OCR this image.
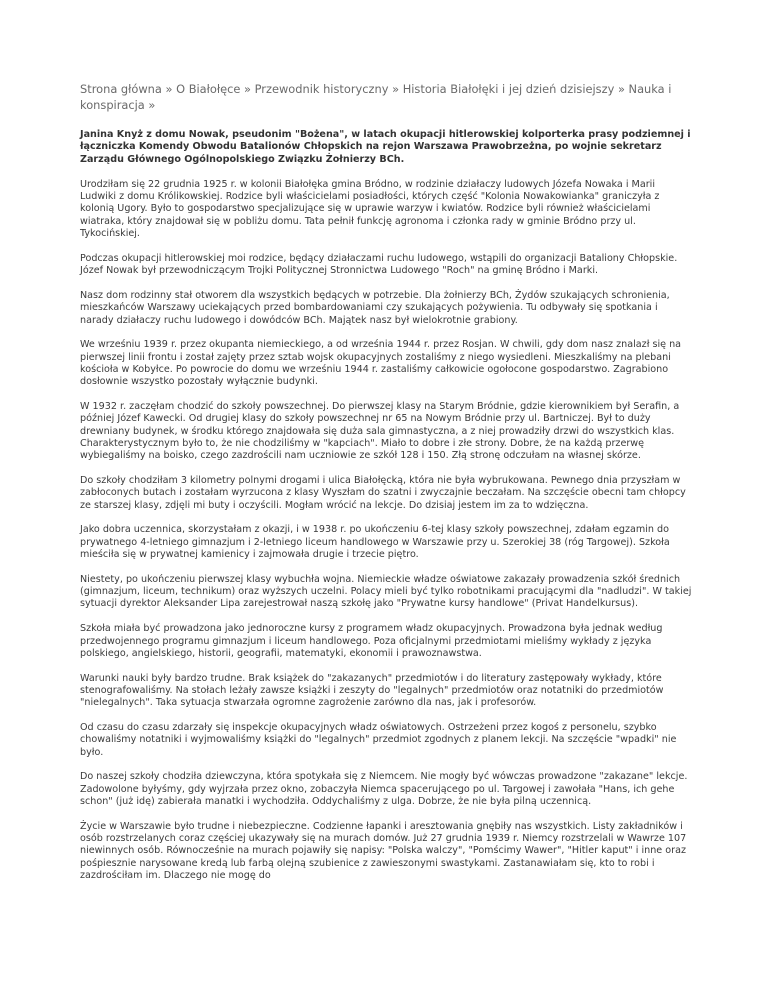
Strona główna » O Białołęce » Przewodnik historyczny » Historia Białołęki i jej dzień dzisiejszy » Nauka i konspiracja »

Janina Knyż z domu Nowak, pseudonim "Bożena", w latach okupacji hitlerowskiej kolporterka prasy podziemnej i łączniczka Komendy Obwodu Batalionów Chłopskich na rejon Warszawa Prawobrzeżna, po wojnie sekretarz Zarządu Głównego Ogólnopolskiego Związku Żołnierzy BCh.

Urodziłam się 22 grudnia 1925 r. w kolonii Białołęka gmina Bródno, w rodzinie działaczy ludowych Józefa Nowaka i Marii Ludwiki z domu Królikowskiej. Rodzice byli właścicielami posiadłości, których część "Kolonia Nowakowianka" graniczyła z kolonią Ugory. Było to gospodarstwo specjalizujące się w uprawie warzyw i kwiatów. Rodzice byli również właścicielami wiatraka, który znajdował się w pobliżu domu. Tata pełnił funkcję agronoma i członka rady w gminie Bródno przy ul. Tykocińskiej.

Podczas okupacji hitlerowskiej moi rodzice, będący działaczami ruchu ludowego, wstąpili do organizacji Bataliony Chłopskie. Józef Nowak był przewodniczącym Trojki Politycznej Stronnictwa Ludowego "Roch" na gminę Bródno i Marki.

Nasz dom rodzinny stał otworem dla wszystkich będących w potrzebie. Dla żołnierzy BCh, Żydów szukających schronienia, mieszkańców Warszawy uciekających przed bombardowaniami czy szukających pożywienia. Tu odbywały się spotkania i narady działaczy ruchu ludowego i dowódców BCh. Majątek nasz był wielokrotnie grabiony.

We wrześniu 1939 r. przez okupanta niemieckiego, a od września 1944 r. przez Rosjan. W chwili, gdy dom nasz znalazł się na pierwszej linii frontu i został zajęty przez sztab wojsk okupacyjnych zostaliśmy z niego wysiedleni. Mieszkaliśmy na plebani kościoła w Kobyłce. Po powrocie do domu we wrześniu 1944 r. zastaliśmy całkowicie ogołocone gospodarstwo. Zagrabiono dosłownie wszystko pozostały wyłącznie budynki.

W 1932 r. zaczęłam chodzić do szkoły powszechnej. Do pierwszej klasy na Starym Bródnie, gdzie kierownikiem był Serafin, a później Józef Kawecki. Od drugiej klasy do szkoły powszechnej nr 65 na Nowym Bródnie przy ul. Bartniczej. Był to duży drewniany budynek, w środku którego znajdowała się duża sala gimnastyczna, a z niej prowadziły drzwi do wszystkich klas. Charakterystycznym było to, że nie chodziliśmy w "kapciach". Miało to dobre i złe strony. Dobre, że na każdą przerwę wybiegaliśmy na boisko, czego zazdrościli nam uczniowie ze szkół 128 i 150. Złą stronę odczułam na własnej skórze.

Do szkoły chodziłam 3 kilometry polnymi drogami i ulica Białołęcką, która nie była wybrukowana. Pewnego dnia przyszłam w zabłoconych butach i zostałam wyrzucona z klasy Wyszłam do szatni i zwyczajnie beczałam. Na szczęście obecni tam chłopcy ze starszej klasy, zdjęli mi buty i oczyścili. Mogłam wrócić na lekcje. Do dzisiaj jestem im za to wdzięczna.

Jako dobra uczennica, skorzystałam z okazji, i w 1938 r. po ukończeniu 6-tej klasy szkoły powszechnej, zdałam egzamin do prywatnego 4-letniego gimnazjum i 2-letniego liceum handlowego w Warszawie przy u. Szerokiej 38 (róg Targowej). Szkoła mieściła się w prywatnej kamienicy i zajmowała drugie i trzecie piętro.

Niestety, po ukończeniu pierwszej klasy wybuchła wojna. Niemieckie władze oświatowe zakazały prowadzenia szkół średnich (gimnazjum, liceum, technikum) oraz wyższych uczelni. Polacy mieli być tylko robotnikami pracującymi dla "nadludzi". W takiej sytuacji dyrektor Aleksander Lipa zarejestrował naszą szkołę jako "Prywatne kursy handlowe" (Privat Handelkursus).

Szkoła miała być prowadzona jako jednoroczne kursy z programem władz okupacyjnych. Prowadzona była jednak według przedwojennego programu gimnazjum i liceum handlowego. Poza oficjalnymi przedmiotami mieliśmy wykłady z języka polskiego, angielskiego, historii, geografii, matematyki, ekonomii i prawoznawstwa.

Warunki nauki były bardzo trudne. Brak książek do "zakazanych" przedmiotów i do literatury zastępowały wykłady, które stenografowaliśmy. Na stołach leżały zawsze książki i zeszyty do "legalnych" przedmiotów oraz notatniki do przedmiotów "nielegalnych". Taka sytuacja stwarzała ogromne zagrożenie zarówno dla nas, jak i profesorów.

Od czasu do czasu zdarzały się inspekcje okupacyjnych władz oświatowych. Ostrzeżeni przez kogoś z personelu, szybko chowaliśmy notatniki i wyjmowaliśmy książki do "legalnych" przedmiot zgodnych z planem lekcji. Na szczęście "wpadki" nie było.

Do naszej szkoły chodziła dziewczyna, która spotykała się z Niemcem. Nie mogły być wówczas prowadzone "zakazane" lekcje. Zadowolone byłyśmy, gdy wyjrzała przez okno, zobaczyła Niemca spacerującego po ul. Targowej i zawołała "Hans, ich gehe schon" (już idę) zabierała manatki i wychodziła. Oddychaliśmy z ulga. Dobrze, że nie była pilną uczennicą.

Życie w Warszawie było trudne i niebezpieczne. Codzienne łapanki i aresztowania gnębiły nas wszystkich. Listy zakładników i osób rozstrzelanych coraz częściej ukazywały się na murach domów. Już 27 grudnia 1939 r. Niemcy rozstrzelali w Wawrze 107 niewinnych osób. Równocześnie na murach pojawiły się napisy: "Polska walczy", "Pomścimy Wawer", "Hitler kaput" i inne oraz pośpiesznie narysowane kredą lub farbą olejną szubienice z zawieszonymi swastykami. Zastanawiałam się, kto to robi i zazdrościłam im. Dlaczego nie mogę do
